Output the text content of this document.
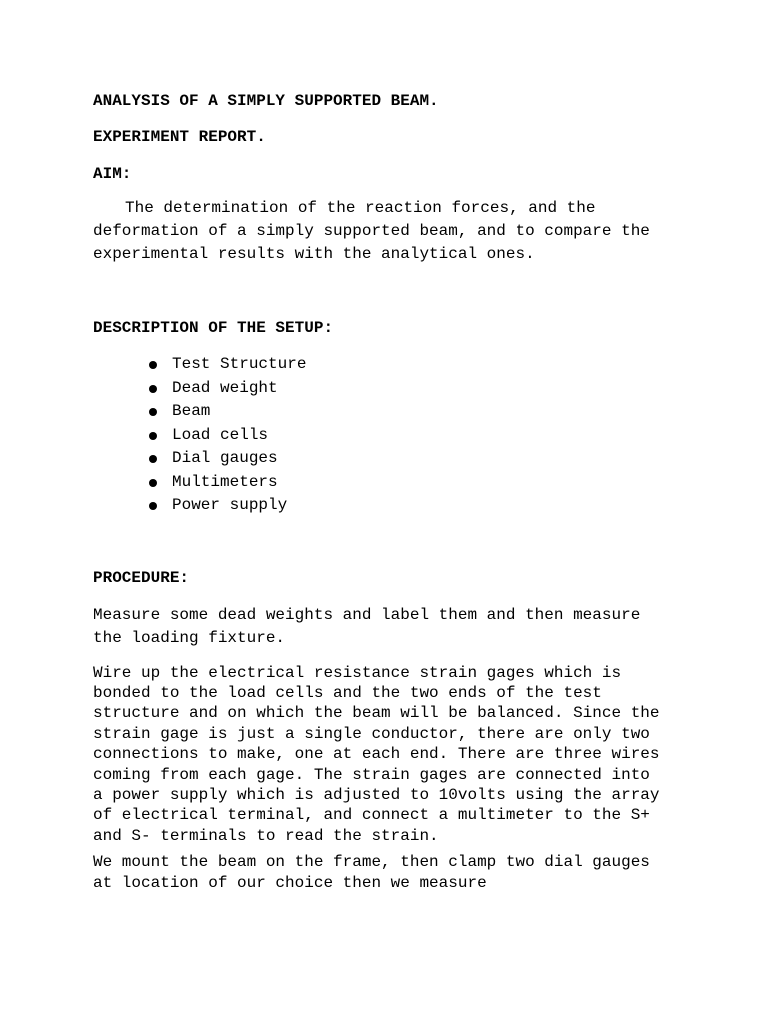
ANALYSIS OF A SIMPLY SUPPORTED BEAM.
EXPERIMENT REPORT.
AIM:

The determination of the reaction forces, and the deformation of a simply supported beam, and to compare the experimental results with the analytical ones.

DESCRIPTION OF THE SETUP:
Test Structure
Dead weight
Beam
Load cells
Dial gauges
Multimeters
Power supply
PROCEDURE:

Measure some dead weights and label them and then measure the loading fixture.

Wire up the electrical resistance strain gages which is bonded to the load cells and the two ends of the test structure and on which the beam will be balanced. Since the strain gage is just a single conductor, there are only two connections to make, one at each end. There are three wires coming from each gage. The strain gages are connected into a power supply which is adjusted to 10volts using the array of electrical terminal, and connect a multimeter to the S+ and S- terminals to read the strain.

We mount the beam on the frame, then clamp two dial gauges at location of our choice then we measure
